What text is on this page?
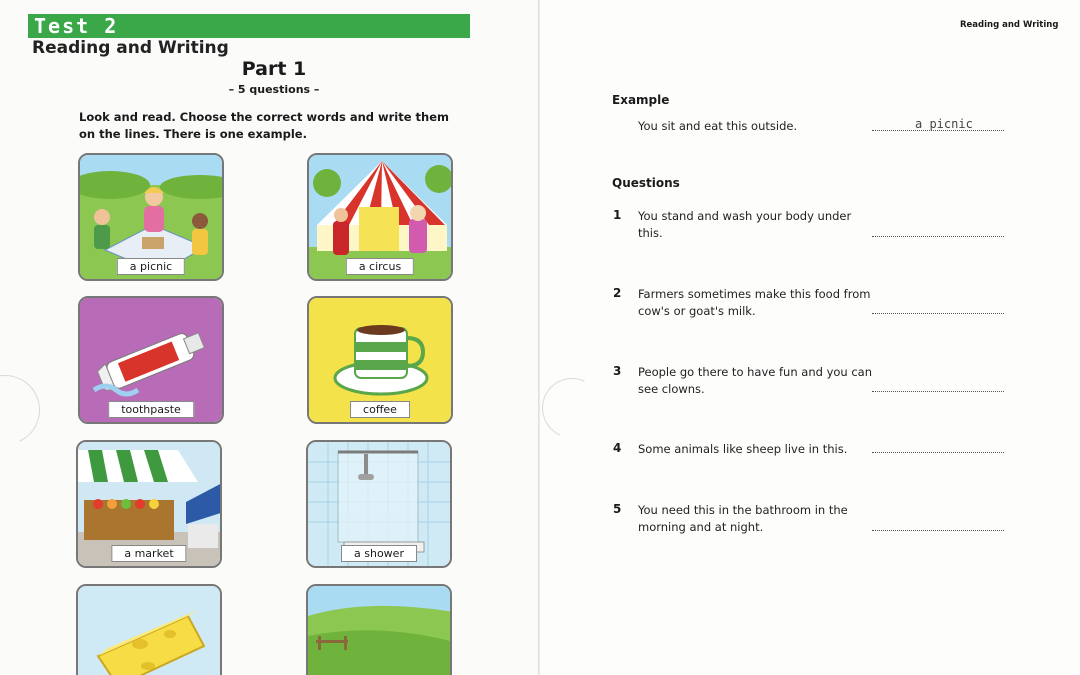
Test 2
Reading and Writing
Part 1
– 5 questions –
Look and read. Choose the correct words and write them on the lines. There is one example.
a picnic	a circus
toothpaste	coffee
a market	a shower
Reading and Writing
Example
You sit and eat this outside.	a picnic
Questions
1 You stand and wash your body under
this.
2 Farmers sometimes make this food from
cow's or goat's milk.
3 People go there to have fun and you can
see clowns.
4 Some animals like sheep live in this.
5 You need this in the bathroom in the
morning and at night.
